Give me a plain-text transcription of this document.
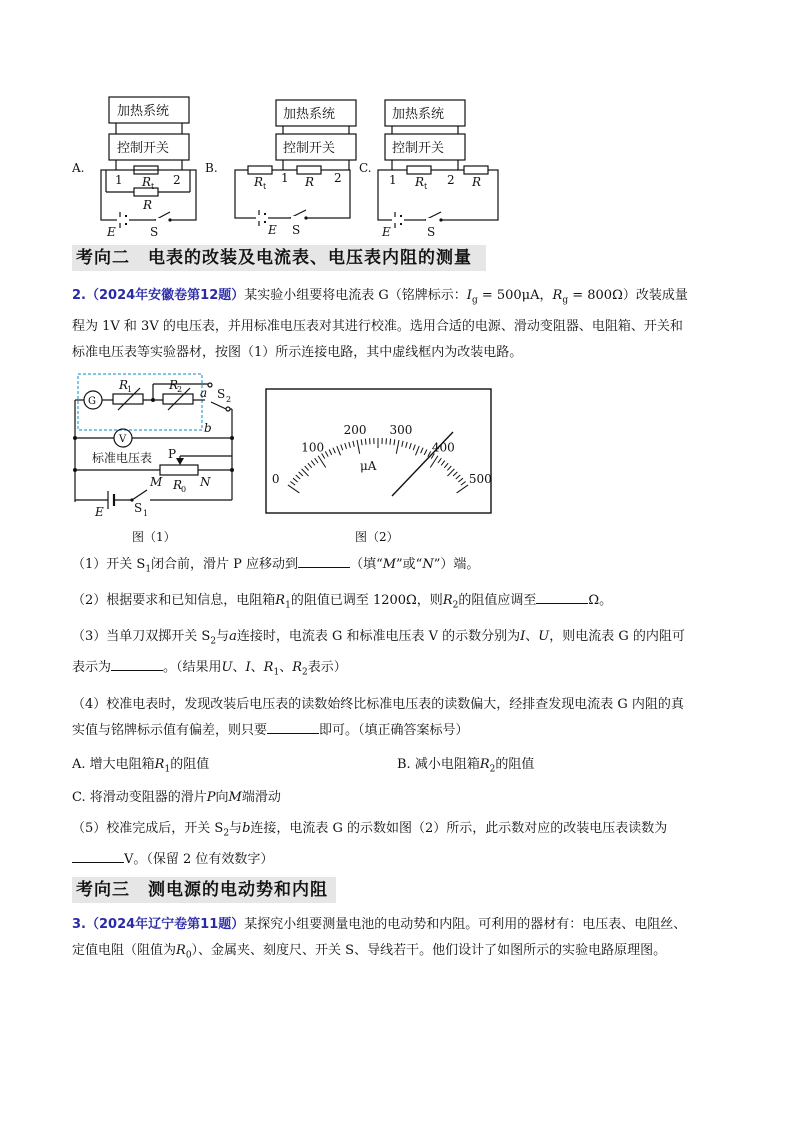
加热系统
控制开关
加热系统
控制开关
加热系统
控制开关
A.	B.	C.
1	2
R t
R
E	S
R t
1 R 2
E S
1 R t 2 R
E	S
考向二　电表的改装及电流表、电压表内阻的测量
2.（2024年安徽卷第12题）某实验小组要将电流表 G（铭牌标示：$I_g = 500\mu A$，$R_g = 800\Omega$）改装成量
程为 1V 和 3V 的电压表，并用标准电压表对其进行校准。选用合适的电源、滑动变阻器、电阻箱、开关和
标准电压表等实验器材，按图（1）所示连接电路，其中虚线框内为改装电路。
G
R
1	R
2	S 2
a
b
V
标准电压表 P
M	N
R
0
E	S 1
0
100
200 300
400
500
μA
图（1）	图（2）
（1）开关 $S_1$闭合前，滑片 P 应移动到	（填“M”或“N”）端。
（2）根据要求和已知信息，电阻箱$R_1$的阻值已调至 1200Ω，则$R_2$的阻值应调至	Ω。
（3）当单刀双掷开关 $S_2$与a连接时，电流表 G 和标准电压表 V 的示数分别为I、U，则电流表 G 的内阻可
表示为	。（结果用U、I、$R_1$、$R_2$表示）
（4）校准电表时，发现改装后电压表的读数始终比标准电压表的读数偏大，经排查发现电流表 G 内阻的真
实值与铭牌标示值有偏差，则只要	即可。（填正确答案标号）
A. 增大电阻箱$R_1$的阻值	B. 减小电阻箱$R_2$的阻值
C. 将滑动变阻器的滑片P向M端滑动
（5）校准完成后，开关 $S_2$与b连接，电流表 G 的示数如图（2）所示，此示数对应的改装电压表读数为
V。（保留 2 位有效数字）
考向三　测电源的电动势和内阻
3.（2024年辽宁卷第11题）某探究小组要测量电池的电动势和内阻。可利用的器材有：电压表、电阻丝、
定值电阻（阻值为$R_0$）、金属夹、刻度尺、开关 S、导线若干。他们设计了如图所示的实验电路原理图。
